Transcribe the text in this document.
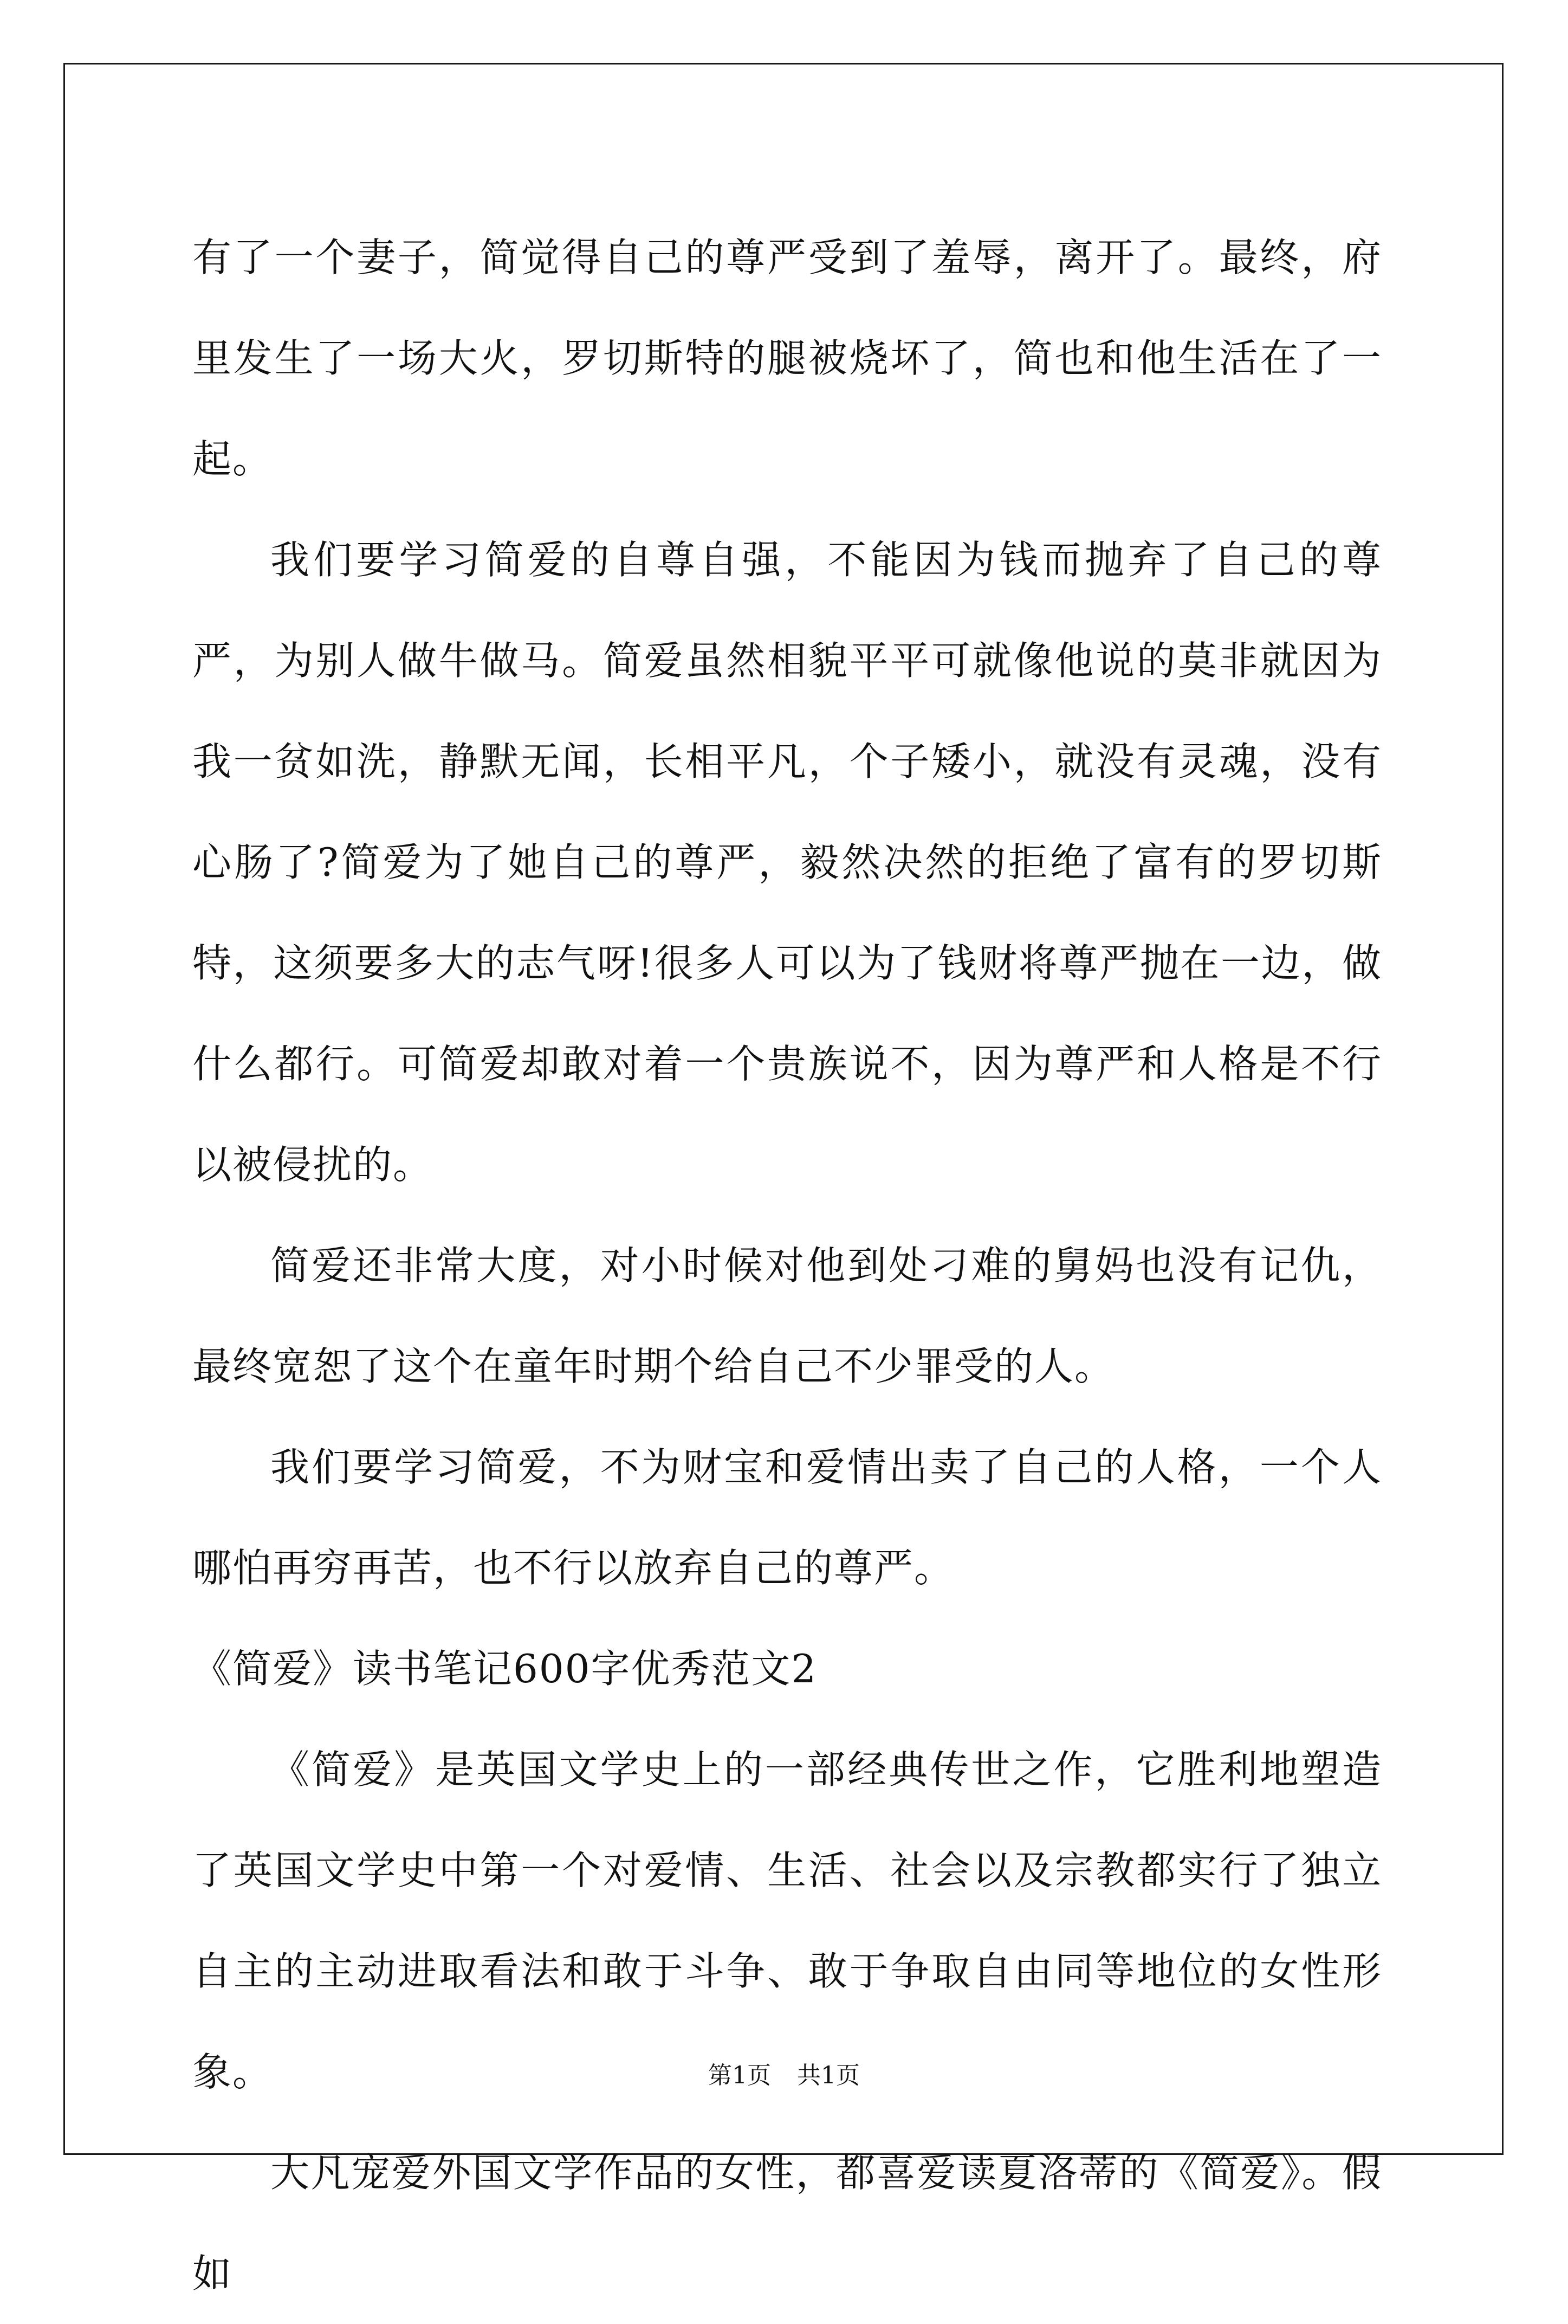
有了一个妻子，简觉得自己的尊严受到了羞辱，离开了。最终，府里发生了一场大火，罗切斯特的腿被烧坏了，简也和他生活在了一起。

我们要学习简爱的自尊自强，不能因为钱而抛弃了自己的尊严，为别人做牛做马。简爱虽然相貌平平可就像他说的莫非就因为我一贫如洗，静默无闻，长相平凡，个子矮小，就没有灵魂，没有心肠了?简爱为了她自己的尊严，毅然决然的拒绝了富有的罗切斯特，这须要多大的志气呀!很多人可以为了钱财将尊严抛在一边，做什么都行。可简爱却敢对着一个贵族说不，因为尊严和人格是不行以被侵扰的。

简爱还非常大度，对小时候对他到处刁难的舅妈也没有记仇，最终宽恕了这个在童年时期个给自己不少罪受的人。

我们要学习简爱，不为财宝和爱情出卖了自己的人格，一个人哪怕再穷再苦，也不行以放弃自己的尊严。

《简爱》读书笔记600字优秀范文2

《简爱》是英国文学史上的一部经典传世之作，它胜利地塑造了英国文学史中第一个对爱情、生活、社会以及宗教都实行了独立自主的主动进取看法和敢于斗争、敢于争取自由同等地位的女性形象。

大凡宠爱外国文学作品的女性，都喜爱读夏洛蒂的《简爱》。假如

第1页 共1页
